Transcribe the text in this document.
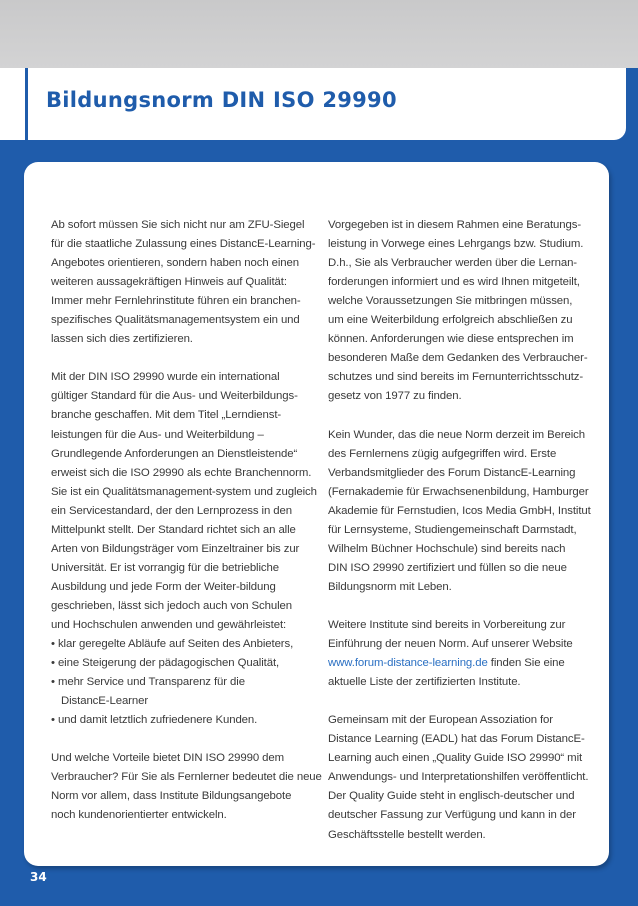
Bildungsnorm DIN ISO 29990
Ab sofort müssen Sie sich nicht nur am ZFU-Siegel
für die staatliche Zulassung eines DistancE-Learning-
Angebotes orientieren, sondern haben noch einen
weiteren aussagekräftigen Hinweis auf Qualität:
Immer mehr Fernlehrinstitute führen ein branchen-
spezifisches Qualitätsmanagementsystem ein und
lassen sich dies zertifizieren.
Mit der DIN ISO 29990 wurde ein international
gültiger Standard für die Aus- und Weiterbildungs-
branche geschaffen. Mit dem Titel „Lerndienst-
leistungen für die Aus- und Weiterbildung –
Grundlegende Anforderungen an Dienstleistende“
erweist sich die ISO 29990 als echte Branchennorm.
Sie ist ein Qualitätsmanagement-system und zugleich
ein Servicestandard, der den Lernprozess in den
Mittelpunkt stellt. Der Standard richtet sich an alle
Arten von Bildungsträger vom Einzeltrainer bis zur
Universität. Er ist vorrangig für die betriebliche
Ausbildung und jede Form der Weiter-bildung
geschrieben, lässt sich jedoch auch von Schulen
und Hochschulen anwenden und gewährleistet:
• klar geregelte Abläufe auf Seiten des Anbieters,
• eine Steigerung der pädagogischen Qualität,
• mehr Service und Transparenz für die
DistancE-Learner
• und damit letztlich zufriedenere Kunden.
Und welche Vorteile bietet DIN ISO 29990 dem
Verbraucher? Für Sie als Fernlerner bedeutet die neue
Norm vor allem, dass Institute Bildungsangebote
noch kundenorientierter entwickeln.
Vorgegeben ist in diesem Rahmen eine Beratungs-
leistung in Vorwege eines Lehrgangs bzw. Studium.
D.h., Sie als Verbraucher werden über die Lernan-
forderungen informiert und es wird Ihnen mitgeteilt,
welche Voraussetzungen Sie mitbringen müssen,
um eine Weiterbildung erfolgreich abschließen zu
können. Anforderungen wie diese entsprechen im
besonderen Maße dem Gedanken des Verbraucher-
schutzes und sind bereits im Fernunterrichtsschutz-
gesetz von 1977 zu finden.
Kein Wunder, das die neue Norm derzeit im Bereich
des Fernlernens zügig aufgegriffen wird. Erste
Verbandsmitglieder des Forum DistancE-Learning
(Fernakademie für Erwachsenenbildung, Hamburger
Akademie für Fernstudien, Icos Media GmbH, Institut
für Lernsysteme, Studiengemeinschaft Darmstadt,
Wilhelm Büchner Hochschule) sind bereits nach
DIN ISO 29990 zertifiziert und füllen so die neue
Bildungsnorm mit Leben.
Weitere Institute sind bereits in Vorbereitung zur
Einführung der neuen Norm. Auf unserer Website
www.forum-distance-learning.de finden Sie eine
aktuelle Liste der zertifizierten Institute.
Gemeinsam mit der European Assoziation for
Distance Learning (EADL) hat das Forum DistancE-
Learning auch einen „Quality Guide ISO 29990“ mit
Anwendungs- und Interpretationshilfen veröffentlicht.
Der Quality Guide steht in englisch-deutscher und
deutscher Fassung zur Verfügung und kann in der
Geschäftsstelle bestellt werden.
34
